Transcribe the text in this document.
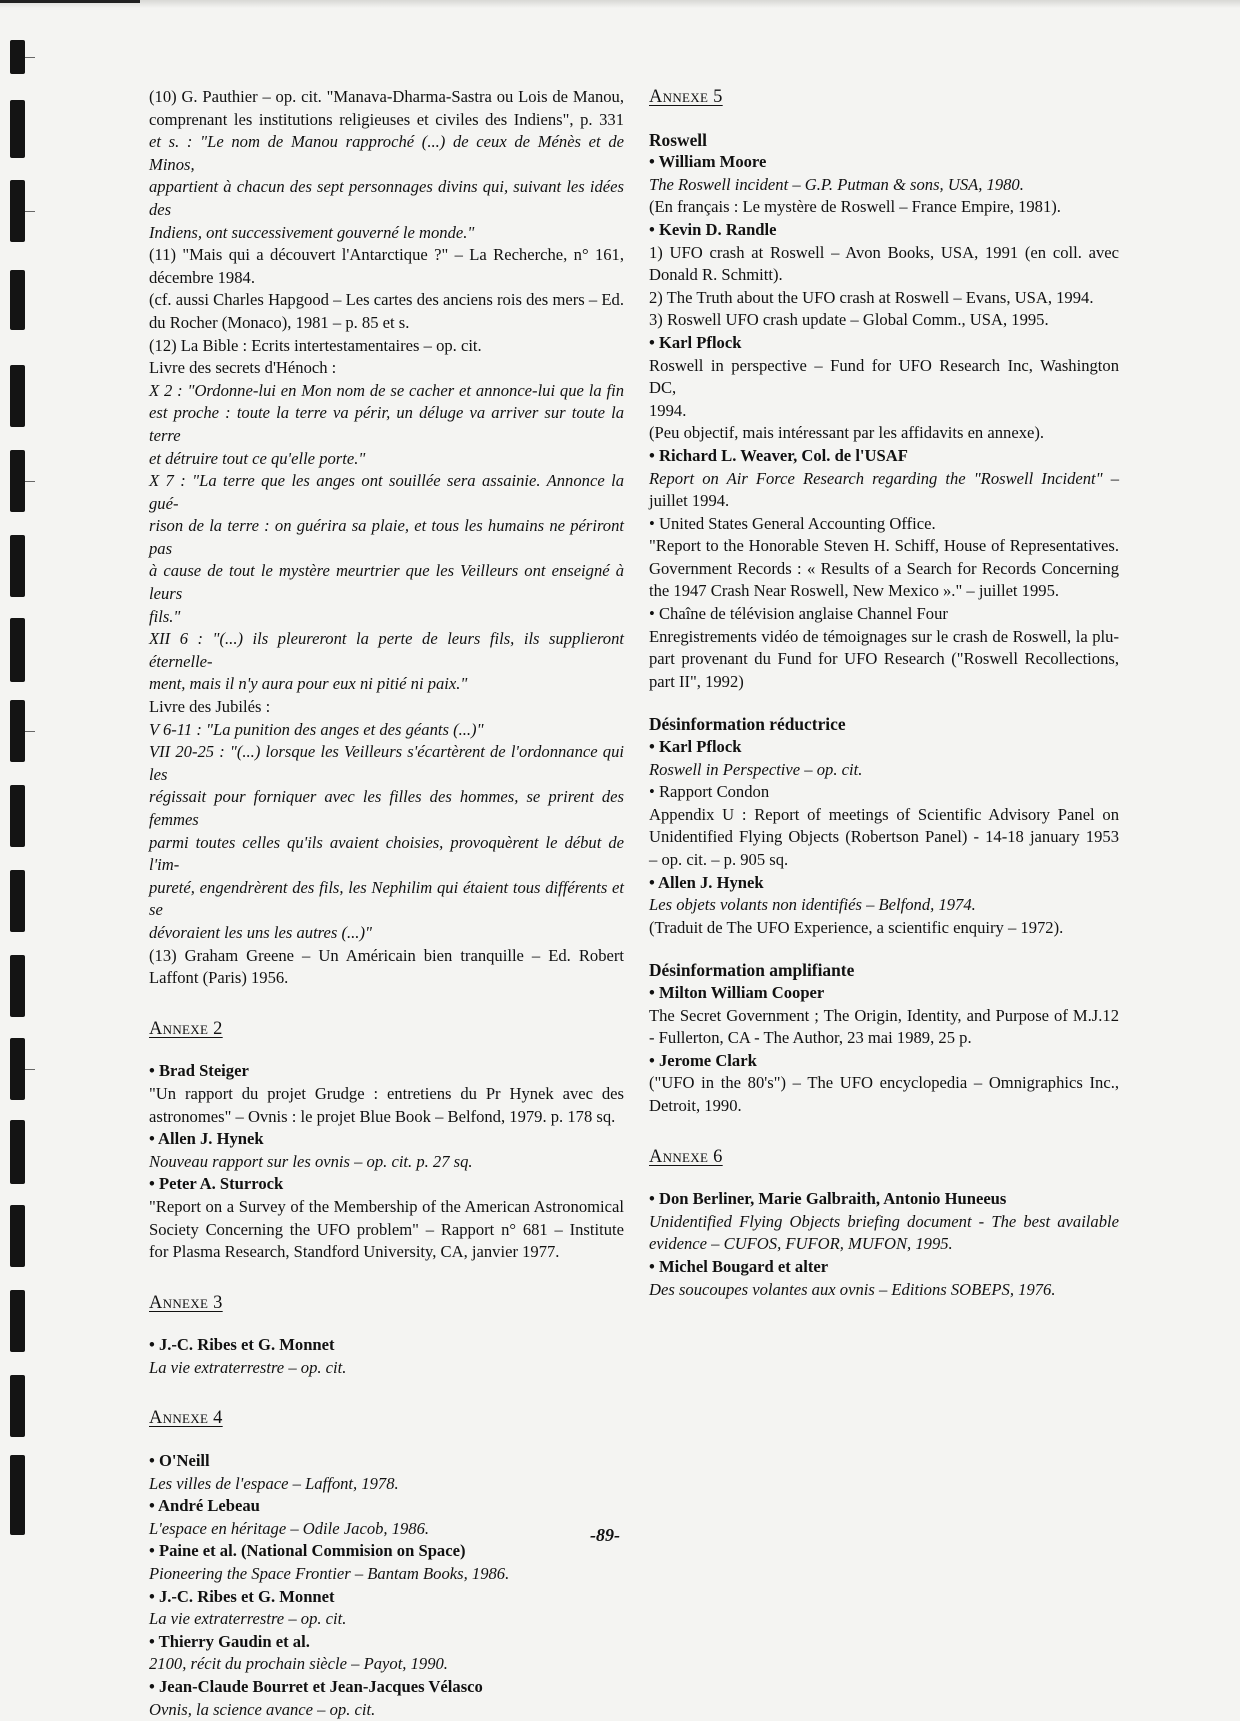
(10) G. Pauthier – op. cit. "Manava-Dharma-Sastra ou Lois de Manou,
comprenant les institutions religieuses et civiles des Indiens", p. 331
et s. : "Le nom de Manou rapproché (...) de ceux de Ménès et de Minos,
appartient à chacun des sept personnages divins qui, suivant les idées des
Indiens, ont successivement gouverné le monde."
(11) "Mais qui a découvert l'Antarctique ?" – La Recherche, n° 161,
décembre 1984.
(cf. aussi Charles Hapgood – Les cartes des anciens rois des mers – Ed.
du Rocher (Monaco), 1981 – p. 85 et s.
(12) La Bible : Ecrits intertestamentaires – op. cit.
Livre des secrets d'Hénoch :
X 2 : "Ordonne-lui en Mon nom de se cacher et annonce-lui que la fin
est proche : toute la terre va périr, un déluge va arriver sur toute la terre
et détruire tout ce qu'elle porte."
X 7 : "La terre que les anges ont souillée sera assainie. Annonce la gué-
rison de la terre : on guérira sa plaie, et tous les humains ne périront pas
à cause de tout le mystère meurtrier que les Veilleurs ont enseigné à leurs
fils."
XII 6 : "(...) ils pleureront la perte de leurs fils, ils supplieront éternelle-
ment, mais il n'y aura pour eux ni pitié ni paix."
Livre des Jubilés :
V 6-11 : "La punition des anges et des géants (...)"
VII 20-25 : "(...) lorsque les Veilleurs s'écartèrent de l'ordonnance qui les
régissait pour forniquer avec les filles des hommes, se prirent des femmes
parmi toutes celles qu'ils avaient choisies, provoquèrent le début de l'im-
pureté, engendrèrent des fils, les Nephilim qui étaient tous différents et se
dévoraient les uns les autres (...)"
(13) Graham Greene – Un Américain bien tranquille – Ed. Robert
Laffont (Paris) 1956.
Annexe 2
• Brad Steiger
"Un rapport du projet Grudge : entretiens du Pr Hynek avec des
astronomes" – Ovnis : le projet Blue Book – Belfond, 1979. p. 178 sq.
• Allen J. Hynek
Nouveau rapport sur les ovnis – op. cit. p. 27 sq.
• Peter A. Sturrock
"Report on a Survey of the Membership of the American Astronomical
Society Concerning the UFO problem" – Rapport n° 681 – Institute
for Plasma Research, Standford University, CA, janvier 1977.
Annexe 3
• J.-C. Ribes et G. Monnet
La vie extraterrestre – op. cit.
Annexe 4
• O'Neill
Les villes de l'espace – Laffont, 1978.
• André Lebeau
L'espace en héritage – Odile Jacob, 1986.
• Paine et al. (National Commision on Space)
Pioneering the Space Frontier – Bantam Books, 1986.
• J.-C. Ribes et G. Monnet
La vie extraterrestre – op. cit.
• Thierry Gaudin et al.
2100, récit du prochain siècle – Payot, 1990.
• Jean-Claude Bourret et Jean-Jacques Vélasco
Ovnis, la science avance – op. cit.
Annexe 5
Roswell
• William Moore
The Roswell incident – G.P. Putman & sons, USA, 1980.
(En français : Le mystère de Roswell – France Empire, 1981).
• Kevin D. Randle
1) UFO crash at Roswell – Avon Books, USA, 1991 (en coll. avec
Donald R. Schmitt).
2) The Truth about the UFO crash at Roswell – Evans, USA, 1994.
3) Roswell UFO crash update – Global Comm., USA, 1995.
• Karl Pflock
Roswell in perspective – Fund for UFO Research Inc, Washington DC,
1994.
(Peu objectif, mais intéressant par les affidavits en annexe).
• Richard L. Weaver, Col. de l'USAF
Report on Air Force Research regarding the "Roswell Incident" –
juillet 1994.
• United States General Accounting Office.
"Report to the Honorable Steven H. Schiff, House of Representatives.
Government Records : « Results of a Search for Records Concerning
the 1947 Crash Near Roswell, New Mexico »." – juillet 1995.
• Chaîne de télévision anglaise Channel Four
Enregistrements vidéo de témoignages sur le crash de Roswell, la plu-
part provenant du Fund for UFO Research ("Roswell Recollections,
part II", 1992)
Désinformation réductrice
• Karl Pflock
Roswell in Perspective – op. cit.
• Rapport Condon
Appendix U : Report of meetings of Scientific Advisory Panel on
Unidentified Flying Objects (Robertson Panel) - 14-18 january 1953
– op. cit. – p. 905 sq.
• Allen J. Hynek
Les objets volants non identifiés – Belfond, 1974.
(Traduit de The UFO Experience, a scientific enquiry – 1972).
Désinformation amplifiante
• Milton William Cooper
The Secret Government ; The Origin, Identity, and Purpose of M.J.12
- Fullerton, CA - The Author, 23 mai 1989, 25 p.
• Jerome Clark
("UFO in the 80's") – The UFO encyclopedia – Omnigraphics Inc.,
Detroit, 1990.
Annexe 6
• Don Berliner, Marie Galbraith, Antonio Huneeus
Unidentified Flying Objects briefing document - The best available
evidence – CUFOS, FUFOR, MUFON, 1995.
• Michel Bougard et alter
Des soucoupes volantes aux ovnis – Editions SOBEPS, 1976.
-89-
